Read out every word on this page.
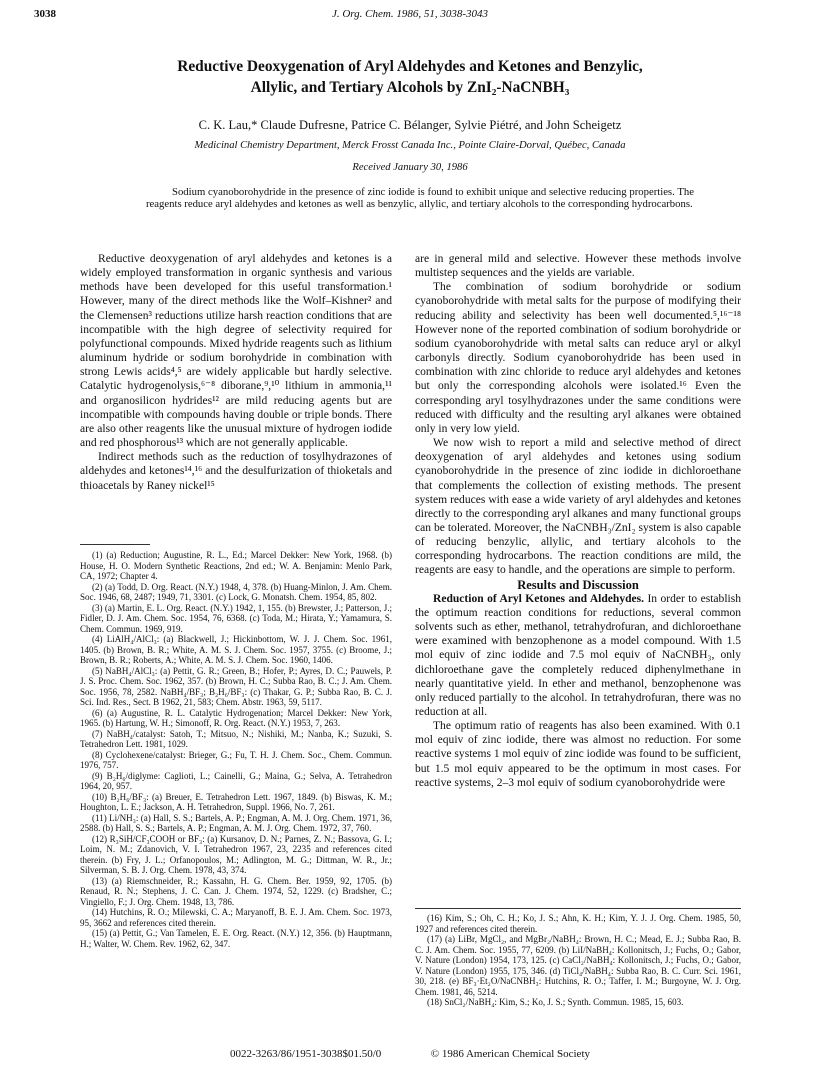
3038	J. Org. Chem. 1986, 51, 3038-3043
Reductive Deoxygenation of Aryl Aldehydes and Ketones and Benzylic,
Allylic, and Tertiary Alcohols by ZnI₂-NaCNBH₃
C. K. Lau,* Claude Dufresne, Patrice C. Bélanger, Sylvie Piétré, and John Scheigetz
Medicinal Chemistry Department, Merck Frosst Canada Inc., Pointe Claire-Dorval, Québec, Canada
Received January 30, 1986
Sodium cyanoborohydride in the presence of zinc iodide is found to exhibit unique and selective reducing properties. The reagents reduce aryl aldehydes and ketones as well as benzylic, allylic, and tertiary alcohols to the corresponding hydrocarbons.

Reductive deoxygenation of aryl aldehydes and ketones is a widely employed transformation in organic synthesis and various methods have been developed for this useful transformation.¹ However, many of the direct methods like the Wolf–Kishner² and the Clemensen³ reductions utilize harsh reaction conditions that are incompatible with the high degree of selectivity required for polyfunctional compounds. Mixed hydride reagents such as lithium aluminum hydride or sodium borohydride in combination with strong Lewis acids⁴,⁵ are widely applicable but hardly selective. Catalytic hydrogenolysis,⁶⁻⁸ diborane,⁹,¹⁰ lithium in ammonia,¹¹ and organosilicon hydrides¹² are mild reducing agents but are incompatible with compounds having double or triple bonds. There are also other reagents like the unusual mixture of hydrogen iodide and red phosphorous¹³ which are not generally applicable.

Indirect methods such as the reduction of tosylhydrazones of aldehydes and ketones¹⁴,¹⁶ and the desulfurization of thioketals and thioacetals by Raney nickel¹⁵

(1) (a) Reduction; Augustine, R. L., Ed.; Marcel Dekker: New York, 1968. (b) House, H. O. Modern Synthetic Reactions, 2nd ed.; W. A. Benjamin: Menlo Park, CA, 1972; Chapter 4.

(2) (a) Todd, D. Org. React. (N.Y.) 1948, 4, 378. (b) Huang-Minlon, J. Am. Chem. Soc. 1946, 68, 2487; 1949, 71, 3301. (c) Lock, G. Monatsh. Chem. 1954, 85, 802.

(3) (a) Martin, E. L. Org. React. (N.Y.) 1942, 1, 155. (b) Brewster, J.; Patterson, J.; Fidler, D. J. Am. Chem. Soc. 1954, 76, 6368. (c) Toda, M.; Hirata, Y.; Yamamura, S. Chem. Commun. 1969, 919.

(4) LiAlH₄/AlCl₃: (a) Blackwell, J.; Hickinbottom, W. J. J. Chem. Soc. 1961, 1405. (b) Brown, B. R.; White, A. M. S. J. Chem. Soc. 1957, 3755. (c) Broome, J.; Brown, B. R.; Roberts, A.; White, A. M. S. J. Chem. Soc. 1960, 1406.

(5) NaBH₄/AlCl₃: (a) Pettit, G. R.; Green, B.; Hofer, P.; Ayres, D. C.; Pauwels, P. J. S. Proc. Chem. Soc. 1962, 357. (b) Brown, H. C.; Subba Rao, B. C.; J. Am. Chem. Soc. 1956, 78, 2582. NaBH₄/BF₃; B₂H₆/BF₃: (c) Thakar, G. P.; Subba Rao, B. C. J. Sci. Ind. Res., Sect. B 1962, 21, 583; Chem. Abstr. 1963, 59, 5117.

(6) (a) Augustine, R. L. Catalytic Hydrogenation; Marcel Dekker: New York, 1965. (b) Hartung, W. H.; Simonoff, R. Org. React. (N.Y.) 1953, 7, 263.

(7) NaBH₄/catalyst: Satoh, T.; Mitsuo, N.; Nishiki, M.; Nanba, K.; Suzuki, S. Tetrahedron Lett. 1981, 1029.

(8) Cyclohexene/catalyst: Brieger, G.; Fu, T. H. J. Chem. Soc., Chem. Commun. 1976, 757.

(9) B₂H₆/diglyme: Caglioti, L.; Cainelli, G.; Maina, G.; Selva, A. Tetrahedron 1964, 20, 957.

(10) B₂H₆/BF₃: (a) Breuer, E. Tetrahedron Lett. 1967, 1849. (b) Biswas, K. M.; Houghton, L. E.; Jackson, A. H. Tetrahedron, Suppl. 1966, No. 7, 261.

(11) Li/NH₃: (a) Hall, S. S.; Bartels, A. P.; Engman, A. M. J. Org. Chem. 1971, 36, 2588. (b) Hall, S. S.; Bartels, A. P.; Engman, A. M. J. Org. Chem. 1972, 37, 760.

(12) R₃SiH/CF₃COOH or BF₃: (a) Kursanov, D. N.; Parnes, Z. N.; Bassova, G. I.; Loim, N. M.; Zdanovich, V. I. Tetrahedron 1967, 23, 2235 and references cited therein. (b) Fry, J. L.; Orfanopoulos, M.; Adlington, M. G.; Dittman, W. R., Jr.; Silverman, S. B. J. Org. Chem. 1978, 43, 374.

(13) (a) Riemschneider, R.; Kassahn, H. G. Chem. Ber. 1959, 92, 1705. (b) Renaud, R. N.; Stephens, J. C. Can. J. Chem. 1974, 52, 1229. (c) Bradsher, C.; Vingiello, F.; J. Org. Chem. 1948, 13, 786.

(14) Hutchins, R. O.; Milewski, C. A.; Maryanoff, B. E. J. Am. Chem. Soc. 1973, 95, 3662 and references cited therein.

(15) (a) Pettit, G.; Van Tamelen, E. E. Org. React. (N.Y.) 12, 356. (b) Hauptmann, H.; Walter, W. Chem. Rev. 1962, 62, 347.

are in general mild and selective. However these methods involve multistep sequences and the yields are variable.

The combination of sodium borohydride or sodium cyanoborohydride with metal salts for the purpose of modifying their reducing ability and selectivity has been well documented.⁵,¹⁶⁻¹⁸ However none of the reported combination of sodium borohydride or sodium cyanoborohydride with metal salts can reduce aryl or alkyl carbonyls directly. Sodium cyanoborohydride has been used in combination with zinc chloride to reduce aryl aldehydes and ketones but only the corresponding alcohols were isolated.¹⁶ Even the corresponding aryl tosylhydrazones under the same conditions were reduced with difficulty and the resulting aryl alkanes were obtained only in very low yield.

We now wish to report a mild and selective method of direct deoxygenation of aryl aldehydes and ketones using sodium cyanoborohydride in the presence of zinc iodide in dichloroethane that complements the collection of existing methods. The present system reduces with ease a wide variety of aryl aldehydes and ketones directly to the corresponding aryl alkanes and many functional groups can be tolerated. Moreover, the NaCNBH₃/ZnI₂ system is also capable of reducing benzylic, allylic, and tertiary alcohols to the corresponding hydrocarbons. The reaction conditions are mild, the reagents are easy to handle, and the operations are simple to perform.

Results and Discussion

Reduction of Aryl Ketones and Aldehydes. In order to establish the optimum reaction conditions for reductions, several common solvents such as ether, methanol, tetrahydrofuran, and dichloroethane were examined with benzophenone as a model compound. With 1.5 mol equiv of zinc iodide and 7.5 mol equiv of NaCNBH₃, only dichloroethane gave the completely reduced diphenylmethane in nearly quantitative yield. In ether and methanol, benzophenone was only reduced partially to the alcohol. In tetrahydrofuran, there was no reduction at all.

The optimum ratio of reagents has also been examined. With 0.1 mol equiv of zinc iodide, there was almost no reduction. For some reactive systems 1 mol equiv of zinc iodide was found to be sufficient, but 1.5 mol equiv appeared to be the optimum in most cases. For reactive systems, 2–3 mol equiv of sodium cyanoborohydride were

(16) Kim, S.; Oh, C. H.; Ko, J. S.; Ahn, K. H.; Kim, Y. J. J. Org. Chem. 1985, 50, 1927 and references cited therein.

(17) (a) LiBr, MgCl₂, and MgBr₂/NaBH₄: Brown, H. C.; Mead, E. J.; Subba Rao, B. C. J. Am. Chem. Soc. 1955, 77, 6209. (b) LiI/NaBH₄: Kollonitsch, J.; Fuchs, O.; Gabor, V. Nature (London) 1954, 173, 125. (c) CaCl₂/NaBH₄: Kollonitsch, J.; Fuchs, O.; Gabor, V. Nature (London) 1955, 175, 346. (d) TiCl₄/NaBH₄: Subba Rao, B. C. Curr. Sci. 1961, 30, 218. (e) BF₃·Et₂O/NaCNBH₃: Hutchins, R. O.; Taffer, I. M.; Burgoyne, W. J. Org. Chem. 1981, 46, 5214.

(18) SnCl₂/NaBH₄: Kim, S.; Ko, J. S.; Synth. Commun. 1985, 15, 603.

0022-3263/86/1951-3038$01.50/0	© 1986 American Chemical Society
